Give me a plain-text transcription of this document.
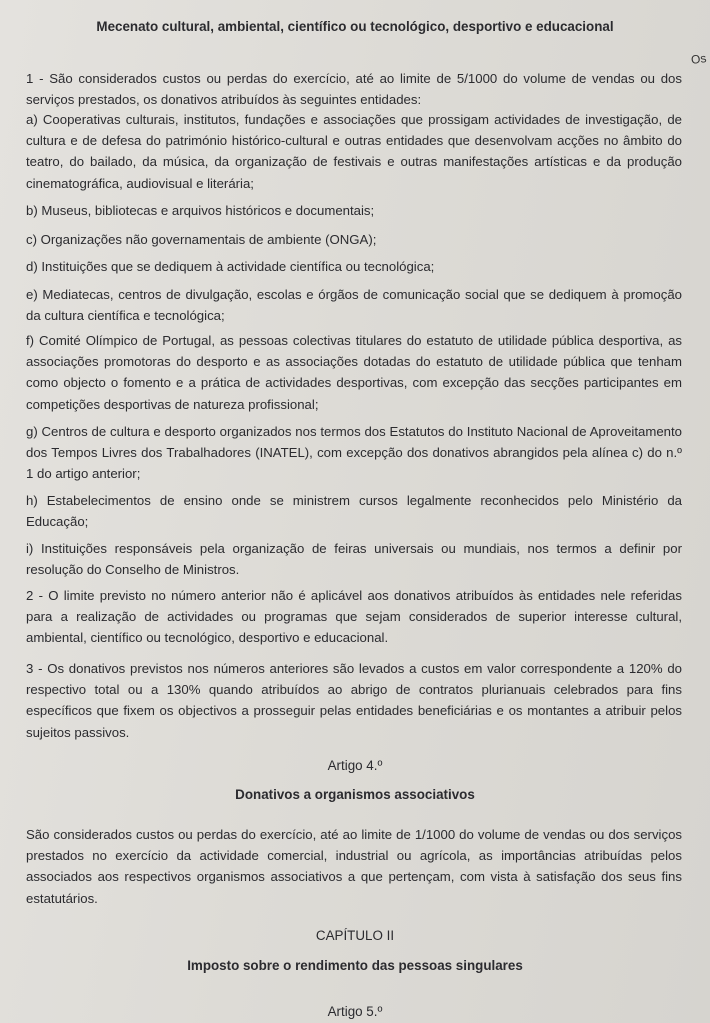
Mecenato cultural, ambiental, científico ou tecnológico, desportivo e educacional
Os
1 - São considerados custos ou perdas do exercício, até ao limite de 5/1000 do volume de vendas ou dos serviços prestados, os donativos atribuídos às seguintes entidades:
a) Cooperativas culturais, institutos, fundações e associações que prossigam actividades de investigação, de cultura e de defesa do património histórico-cultural e outras entidades que desenvolvam acções no âmbito do teatro, do bailado, da música, da organização de festivais e outras manifestações artísticas e da produção cinematográfica, audiovisual e literária;
b) Museus, bibliotecas e arquivos históricos e documentais;
c) Organizações não governamentais de ambiente (ONGA);
d) Instituições que se dediquem à actividade científica ou tecnológica;
e) Mediatecas, centros de divulgação, escolas e órgãos de comunicação social que se dediquem à promoção da cultura científica e tecnológica;
f) Comité Olímpico de Portugal, as pessoas colectivas titulares do estatuto de utilidade pública desportiva, as associações promotoras do desporto e as associações dotadas do estatuto de utilidade pública que tenham como objecto o fomento e a prática de actividades desportivas, com excepção das secções participantes em competições desportivas de natureza profissional;
g) Centros de cultura e desporto organizados nos termos dos Estatutos do Instituto Nacional de Aproveitamento dos Tempos Livres dos Trabalhadores (INATEL), com excepção dos donativos abrangidos pela alínea c) do n.º 1 do artigo anterior;
h) Estabelecimentos de ensino onde se ministrem cursos legalmente reconhecidos pelo Ministério da Educação;
i) Instituições responsáveis pela organização de feiras universais ou mundiais, nos termos a definir por resolução do Conselho de Ministros.
2 - O limite previsto no número anterior não é aplicável aos donativos atribuídos às entidades nele referidas para a realização de actividades ou programas que sejam considerados de superior interesse cultural, ambiental, científico ou tecnológico, desportivo e educacional.
3 - Os donativos previstos nos números anteriores são levados a custos em valor correspondente a 120% do respectivo total ou a 130% quando atribuídos ao abrigo de contratos plurianuais celebrados para fins específicos que fixem os objectivos a prosseguir pelas entidades beneficiárias e os montantes a atribuir pelos sujeitos passivos.
Artigo 4.º
Donativos a organismos associativos
São considerados custos ou perdas do exercício, até ao limite de 1/1000 do volume de vendas ou dos serviços prestados no exercício da actividade comercial, industrial ou agrícola, as importâncias atribuídas pelos associados aos respectivos organismos associativos a que pertençam, com vista à satisfação dos seus fins estatutários.
CAPÍTULO II
Imposto sobre o rendimento das pessoas singulares
Artigo 5.º
